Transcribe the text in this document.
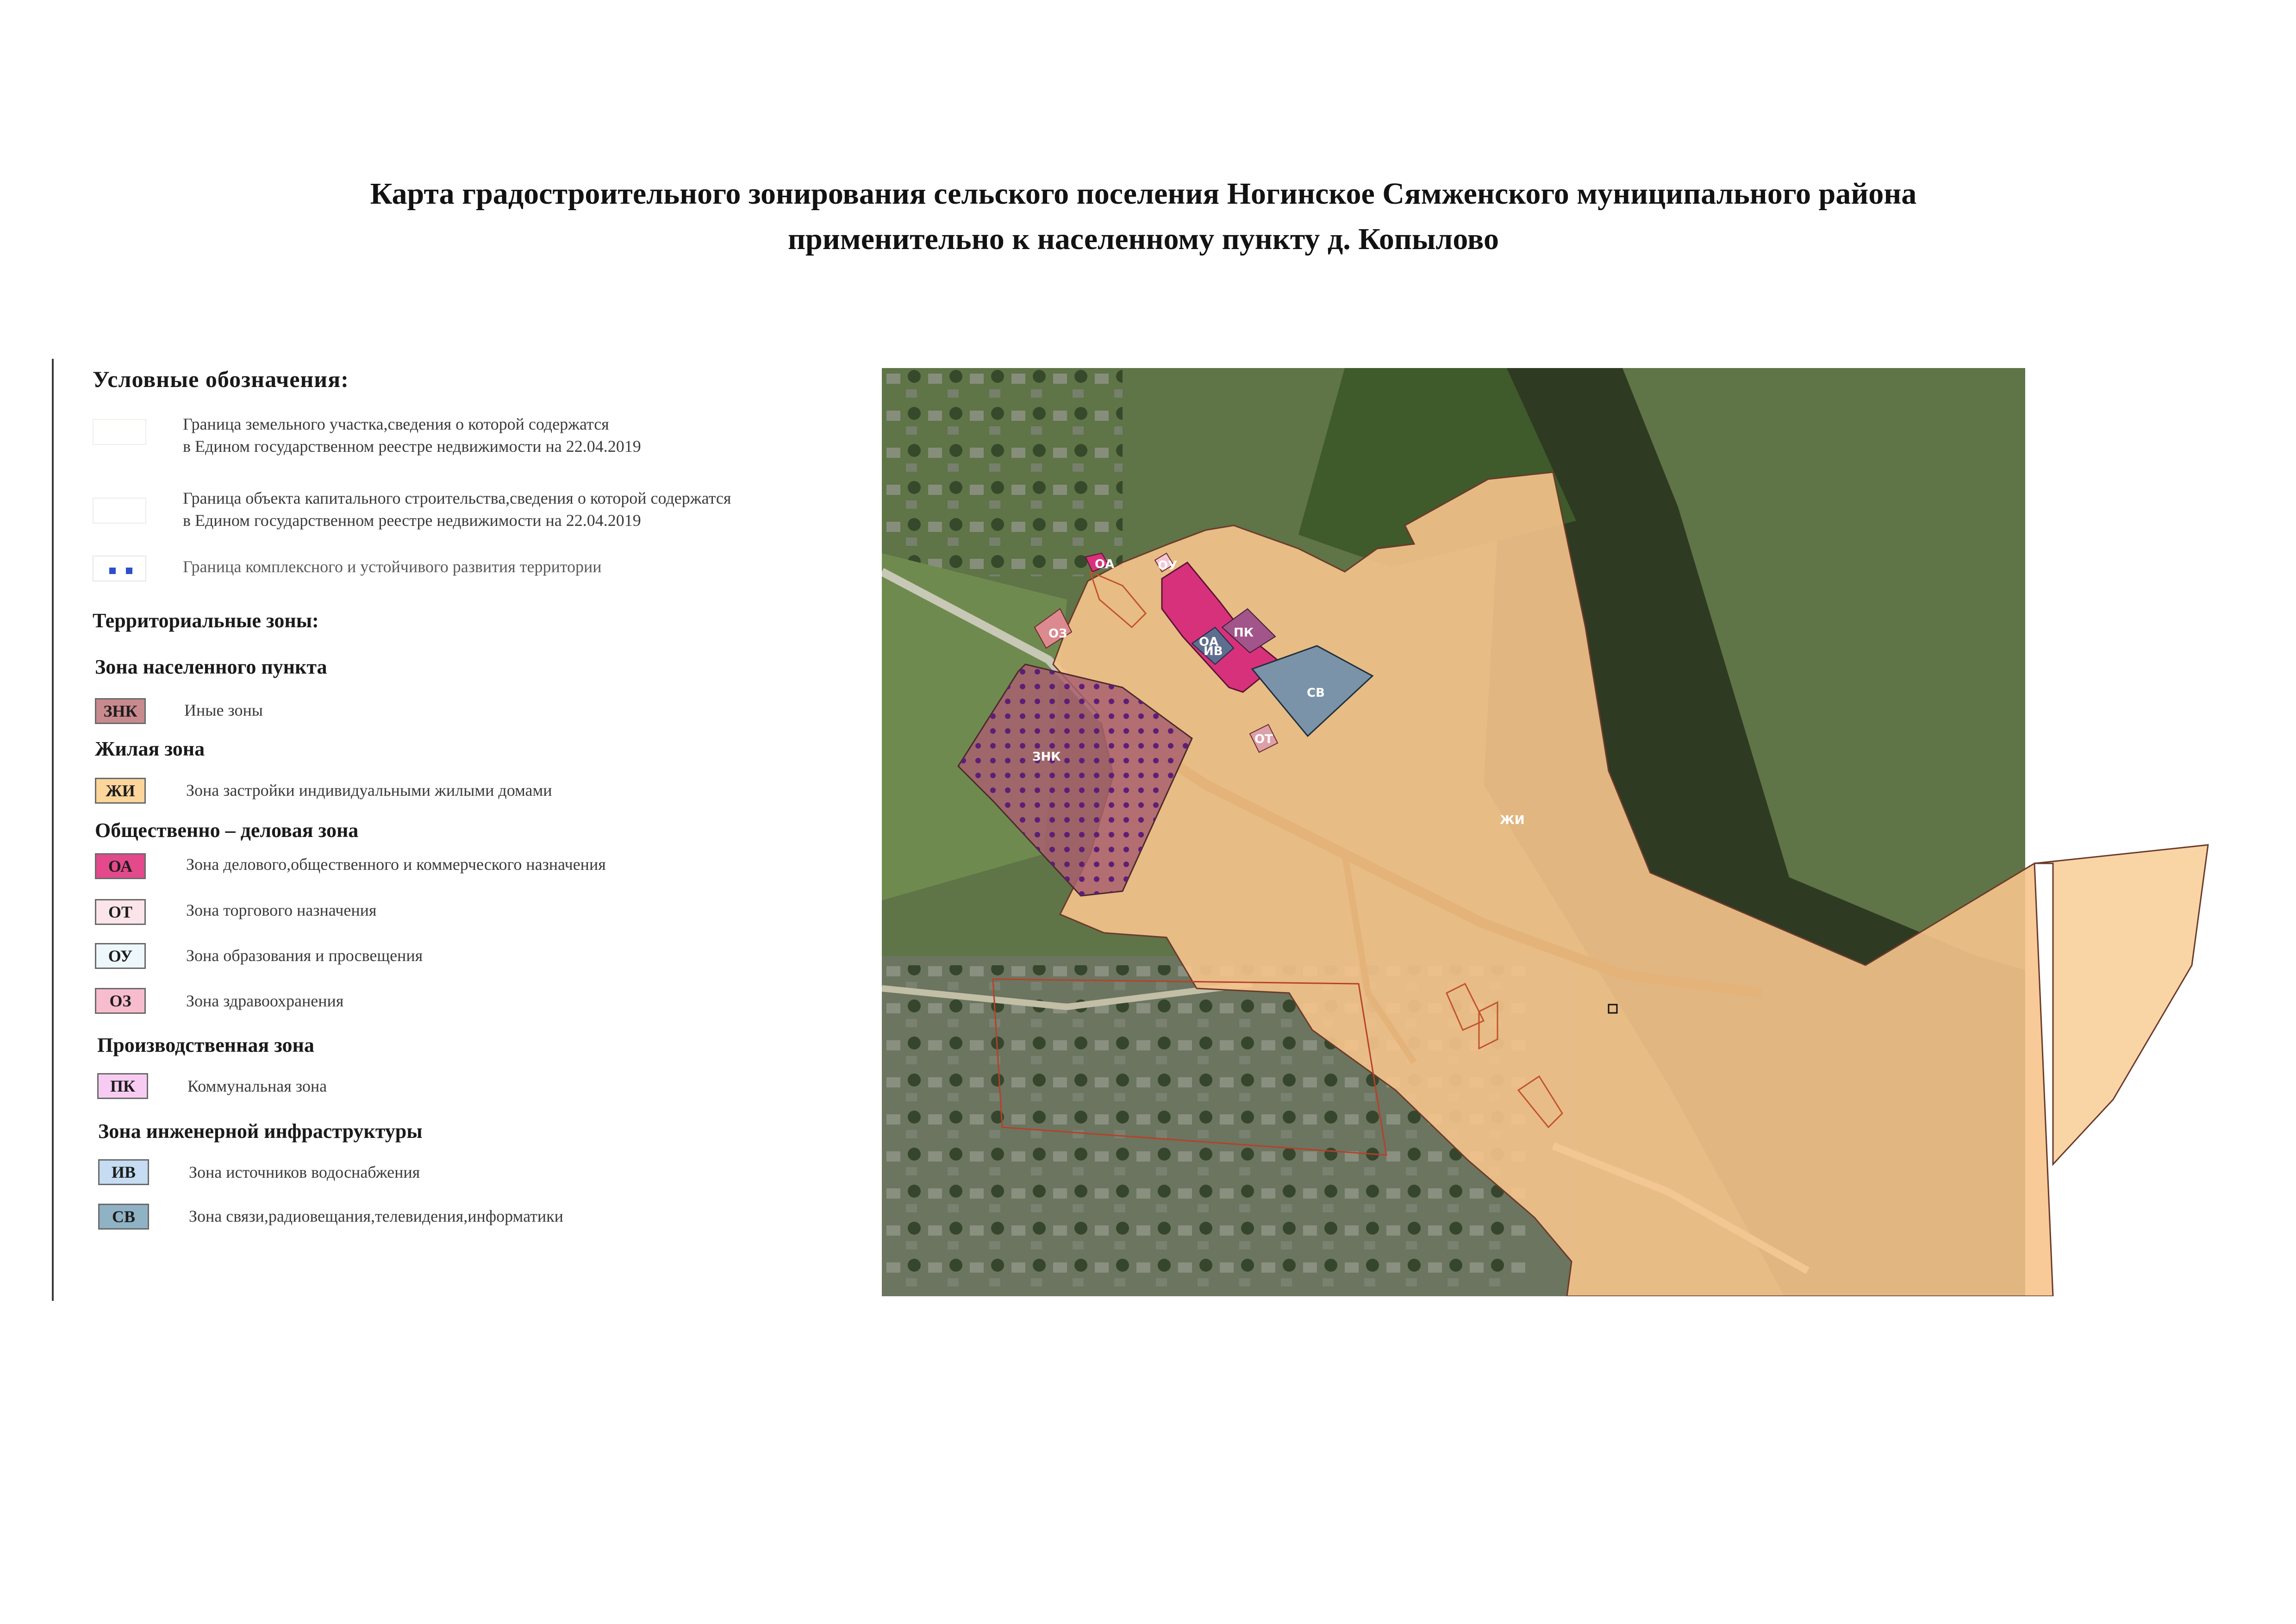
Карта градостроительного зонирования сельского поселения Ногинское Сямженского муниципального района
применительно к населенному пункту д. Копылово
Условные обозначения:
Граница земельного участка,сведения о которой содержатся
в Едином государственном реестре недвижимости на 22.04.2019
Граница объекта капитального строительства,сведения о которой содержатся
в Едином государственном реестре недвижимости на 22.04.2019
Граница комплексного и устойчивого развития территории
Территориальные зоны:
Зона населенного пункта
ЗНК	Иные зоны
Жилая зона
ЖИ	Зона застройки индивидуальными жилыми домами
Общественно – деловая зона
ОА	Зона делового,общественного и коммерческого назначения
ОТ	Зона торгового назначения
ОУ	Зона образования и просвещения
ОЗ	Зона здравоохранения
Производственная зона
ПК	Коммунальная зона
Зона инженерной инфраструктуры
ИВ	Зона источников водоснабжения
СВ	Зона связи,радиовещания,телевидения,информатики
ЖИ
ЗНК
ОА
ОА	ОУ
ПК
ИВ
СВ
ОЗ
ОТ
